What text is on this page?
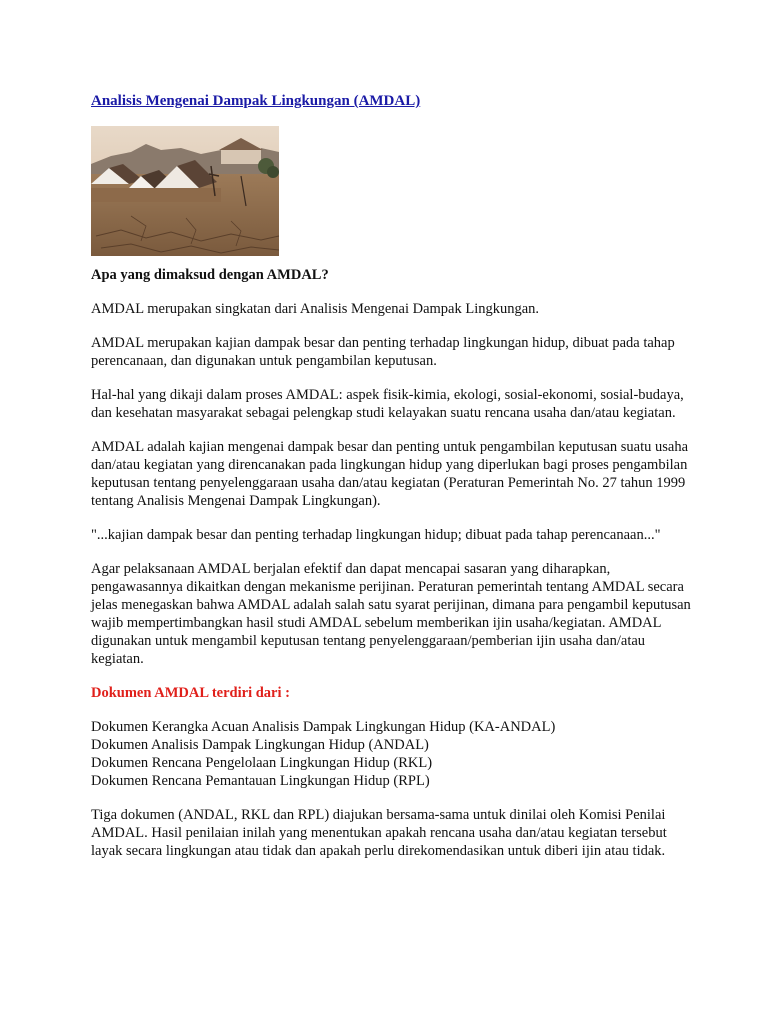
Analisis Mengenai Dampak Lingkungan (AMDAL)

Apa yang dimaksud dengan AMDAL?

AMDAL merupakan singkatan dari Analisis Mengenai Dampak Lingkungan.

AMDAL merupakan kajian dampak besar dan penting terhadap lingkungan hidup, dibuat pada tahap perencanaan, dan digunakan untuk pengambilan keputusan.

Hal-hal yang dikaji dalam proses AMDAL: aspek fisik-kimia, ekologi, sosial-ekonomi, sosial-budaya, dan kesehatan masyarakat sebagai pelengkap studi kelayakan suatu rencana usaha dan/atau kegiatan.

AMDAL adalah kajian mengenai dampak besar dan penting untuk pengambilan keputusan suatu usaha dan/atau kegiatan yang direncanakan pada lingkungan hidup yang diperlukan bagi proses pengambilan keputusan tentang penyelenggaraan usaha dan/atau kegiatan (Peraturan Pemerintah No. 27 tahun 1999 tentang Analisis Mengenai Dampak Lingkungan).

"...kajian dampak besar dan penting terhadap lingkungan hidup; dibuat pada tahap perencanaan..."

Agar pelaksanaan AMDAL berjalan efektif dan dapat mencapai sasaran yang diharapkan, pengawasannya dikaitkan dengan mekanisme perijinan. Peraturan pemerintah tentang AMDAL secara jelas menegaskan bahwa AMDAL adalah salah satu syarat perijinan, dimana para pengambil keputusan wajib mempertimbangkan hasil studi AMDAL sebelum memberikan ijin usaha/kegiatan. AMDAL digunakan untuk mengambil keputusan tentang penyelenggaraan/pemberian ijin usaha dan/atau kegiatan.

Dokumen AMDAL terdiri dari :

Dokumen Kerangka Acuan Analisis Dampak Lingkungan Hidup (KA-ANDAL)
Dokumen Analisis Dampak Lingkungan Hidup (ANDAL)
Dokumen Rencana Pengelolaan Lingkungan Hidup (RKL)
Dokumen Rencana Pemantauan Lingkungan Hidup (RPL)

Tiga dokumen (ANDAL, RKL dan RPL) diajukan bersama-sama untuk dinilai oleh Komisi Penilai AMDAL. Hasil penilaian inilah yang menentukan apakah rencana usaha dan/atau kegiatan tersebut layak secara lingkungan atau tidak dan apakah perlu direkomendasikan untuk diberi ijin atau tidak.
